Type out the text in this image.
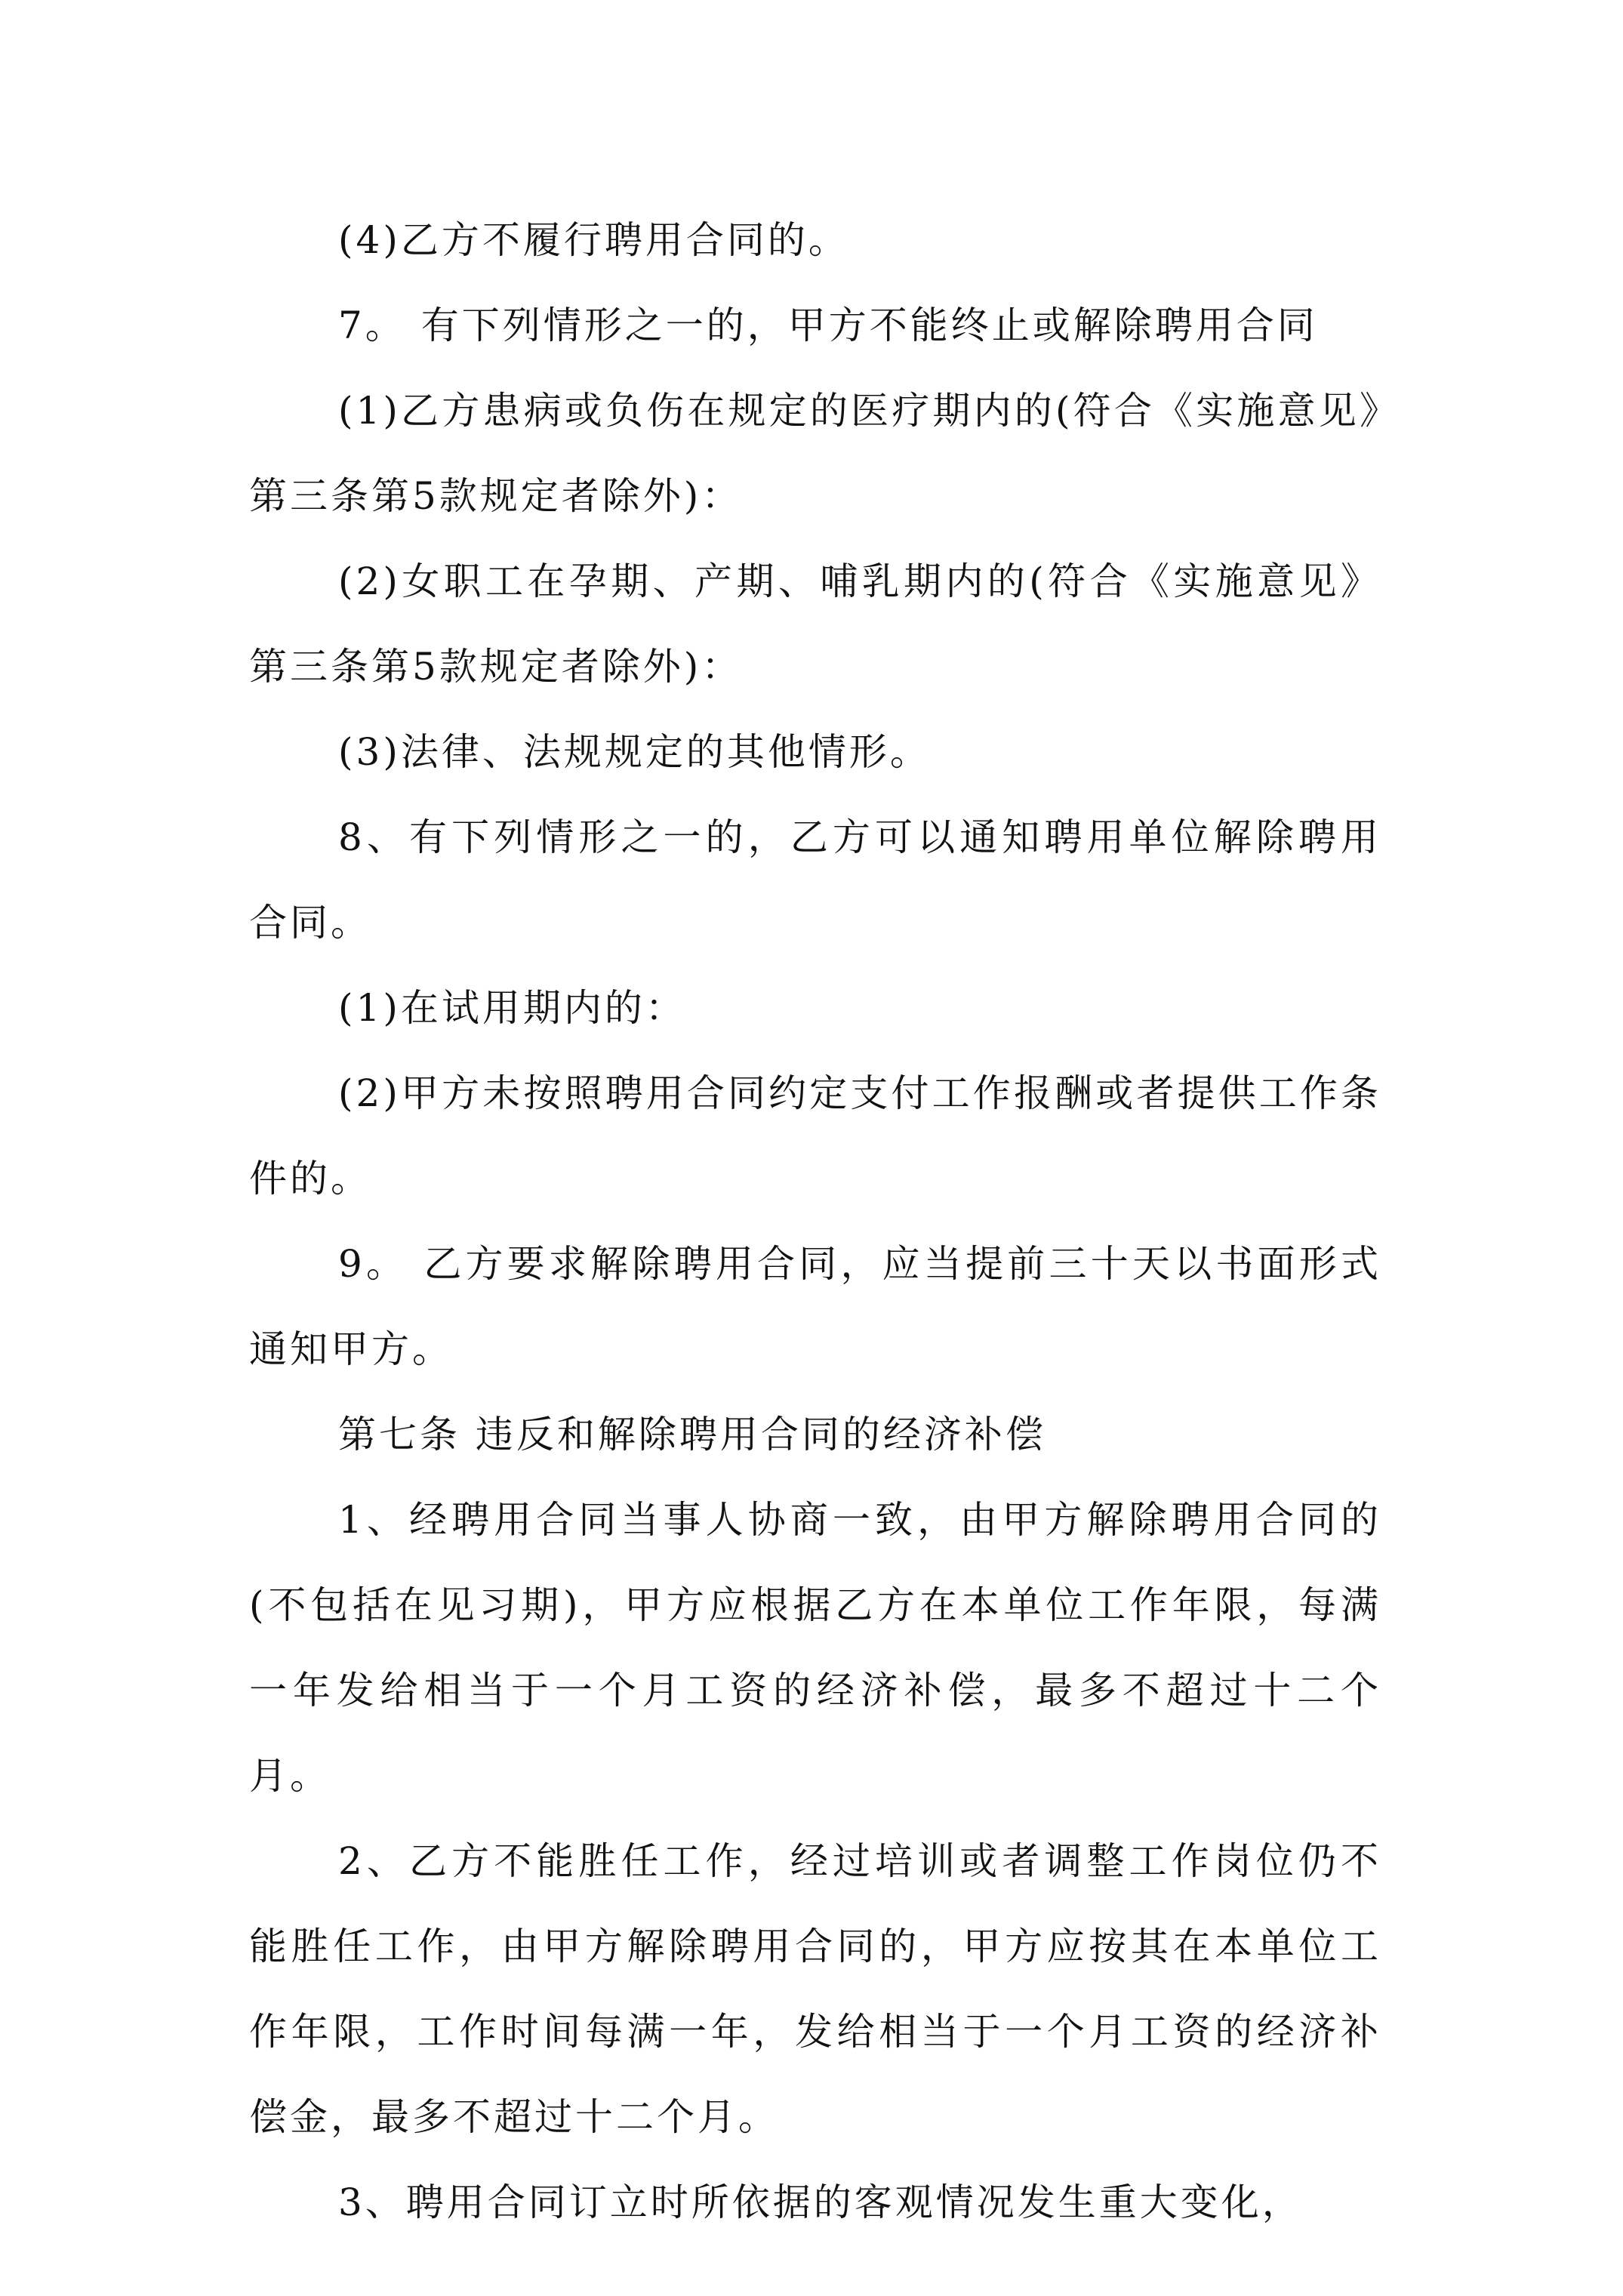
(4)乙方不履行聘用合同的。

7。 有下列情形之一的，甲方不能终止或解除聘用合同

(1)乙方患病或负伤在规定的医疗期内的(符合《实施意见》第三条第5款规定者除外)：

(2)女职工在孕期、产期、哺乳期内的(符合《实施意见》第三条第5款规定者除外)：

(3)法律、法规规定的其他情形。

8、有下列情形之一的，乙方可以通知聘用单位解除聘用合同。

(1)在试用期内的：

(2)甲方未按照聘用合同约定支付工作报酬或者提供工作条件的。

9。 乙方要求解除聘用合同，应当提前三十天以书面形式通知甲方。

第七条 违反和解除聘用合同的经济补偿

1、经聘用合同当事人协商一致，由甲方解除聘用合同的(不包括在见习期)，甲方应根据乙方在本单位工作年限，每满一年发给相当于一个月工资的经济补偿，最多不超过十二个月。

2、乙方不能胜任工作，经过培训或者调整工作岗位仍不能胜任工作，由甲方解除聘用合同的，甲方应按其在本单位工作年限，工作时间每满一年，发给相当于一个月工资的经济补偿金，最多不超过十二个月。

3、聘用合同订立时所依据的客观情况发生重大变化，
